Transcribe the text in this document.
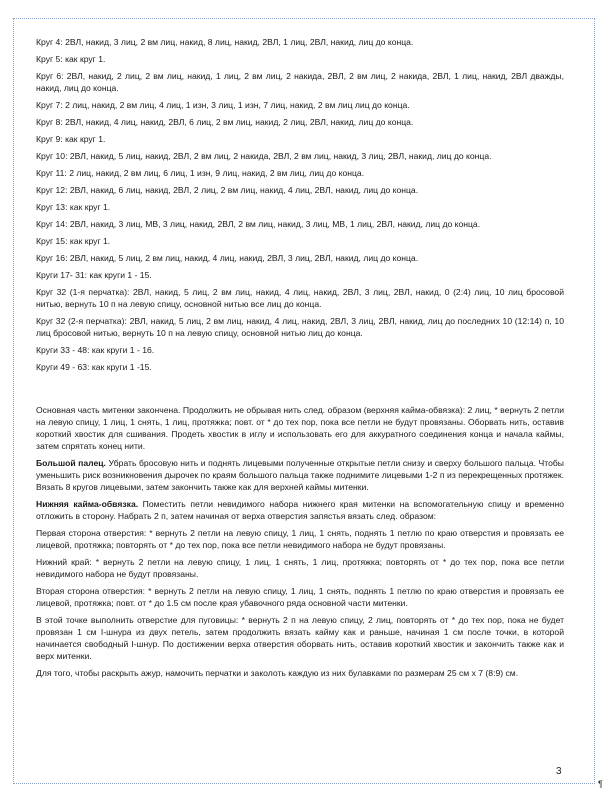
Круг 4: 2ВЛ, накид, 3 лиц, 2 вм лиц, накид, 8 лиц, накид, 2ВЛ, 1 лиц, 2ВЛ, накид, лиц до конца.

Круг 5: как круг 1.

Круг 6: 2ВЛ, накид, 2 лиц, 2 вм лиц, накид, 1 лиц, 2 вм лиц, 2 накида, 2ВЛ, 2 вм лиц, 2 накида, 2ВЛ, 1 лиц, накид, 2ВЛ дважды, накид, лиц до конца.

Круг 7: 2 лиц, накид, 2 вм лиц, 4 лиц, 1 изн, 3 лиц, 1 изн, 7 лиц, накид, 2 вм лиц лиц до конца.

Круг 8: 2ВЛ, накид, 4 лиц, накид, 2ВЛ, 6 лиц, 2 вм лиц, накид, 2 лиц, 2ВЛ, накид, лиц до конца.

Круг 9: как круг 1.

Круг 10: 2ВЛ, накид, 5 лиц, накид, 2ВЛ, 2 вм лиц, 2 накида, 2ВЛ, 2 вм лиц, накид, 3 лиц, 2ВЛ, накид, лиц до конца.

Круг 11: 2 лиц, накид, 2 вм лиц, 6 лиц, 1 изн, 9 лиц, накид, 2 вм лиц, лиц до конца.

Круг 12: 2ВЛ, накид, 6 лиц, накид, 2ВЛ, 2 лиц, 2 вм лиц, накид, 4 лиц, 2ВЛ, накид, лиц до конца.

Круг 13: как круг 1.

Круг 14: 2ВЛ, накид, 3 лиц, МВ, 3 лиц, накид, 2ВЛ, 2 вм лиц, накид, 3 лиц, МВ, 1 лиц, 2ВЛ, накид, лиц до конца.

Круг 15: как круг 1.

Круг 16: 2ВЛ, накид, 5 лиц, 2 вм лиц, накид, 4 лиц, накид, 2ВЛ, 3 лиц, 2ВЛ, накид, лиц до конца.

Круги 17- 31: как круги 1 - 15.

Круг 32 (1-я перчатка): 2ВЛ, накид, 5 лиц, 2 вм лиц, накид, 4 лиц, накид, 2ВЛ, 3 лиц, 2ВЛ, накид, 0 (2:4) лиц, 10 лиц бросовой нитью, вернуть 10 п на левую спицу, основной нитью все лиц до конца.

Круг 32 (2-я перчатка): 2ВЛ, накид, 5 лиц, 2 вм лиц, накид, 4 лиц, накид, 2ВЛ, 3 лиц, 2ВЛ, накид, лиц до последних 10 (12:14) п, 10 лиц бросовой нитью, вернуть 10 п на левую спицу, основной нитью лиц до конца.

Круги 33 - 48: как круги 1 - 16.

Круги 49 - 63: как круги 1 -15.

Основная часть митенки закончена. Продолжить не обрывая нить след. образом (верхняя кайма-обвязка): 2 лиц, * вернуть 2 петли на левую спицу, 1 лиц, 1 снять, 1 лиц, протяжка; повт. от * до тех пор, пока все петли не будут провязаны. Оборвать нить, оставив короткий хвостик для сшивания. Продеть хвостик в иглу и использовать его для аккуратного соединения конца и начала каймы, затем спрятать конец нити.

Большой палец. Убрать бросовую нить и поднять лицевыми полученные открытые петли снизу и сверху большого пальца. Чтобы уменьшить риск возникновения дырочек по краям большого пальца также поднимите лицевыми 1-2 п из перекрещенных протяжек. Вязать 8 кругов лицевыми, затем закончить также как для верхней каймы митенки.

Нижняя кайма-обвязка. Поместить петли невидимого набора нижнего края митенки на вспомогательную спицу и временно отложить в сторону. Набрать 2 п, затем начиная от верха отверстия запястья вязать след. образом:

Первая сторона отверстия: * вернуть 2 петли на левую спицу, 1 лиц, 1 снять, поднять 1 петлю по краю отверстия и провязать ее лицевой, протяжка; повторять от * до тех пор, пока все петли невидимого набора не будут провязаны.

Нижний край: * вернуть 2 петли на левую спицу, 1 лиц, 1 снять, 1 лиц, протяжка; повторять от * до тех пор, пока все петли невидимого набора не будут провязаны.

Вторая сторона отверстия: * вернуть 2 петли на левую спицу, 1 лиц, 1 снять, поднять 1 петлю по краю отверстия и провязать ее лицевой, протяжка; повт. от * до 1.5 см после края убавочного ряда основной части митенки.

В этой точке выполнить отверстие для пуговицы: * вернуть 2 п на левую спицу, 2 лиц, повторять от * до тех пор, пока не будет провязан 1 см I-шнура из двух петель, затем продолжить вязать кайму как и раньше, начиная 1 см после точки, в которой начинается свободный I-шнур. По достижении верха отверстия оборвать нить, оставив короткий хвостик и закончить также как и верх митенки.

Для того, чтобы раскрыть ажур, намочить перчатки и заколоть каждую из них булавками по размерам 25 см х 7 (8:9) см.

3
¶
